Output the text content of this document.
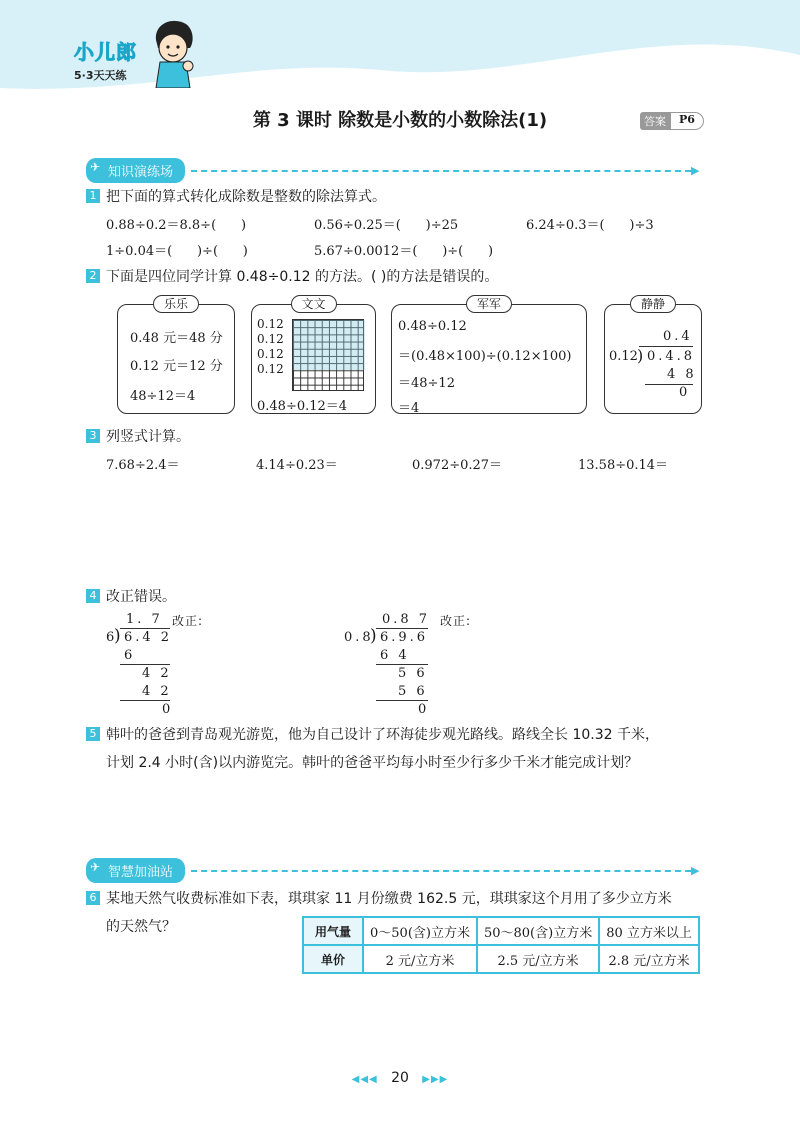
小儿郎
5·3天天练
第 3 课时 除数是小数的小数除法(1)	答案	P6
✈ 知识演练场	▶
1 把下面的算式转化成除数是整数的除法算式。
0.88÷0.2＝8.8÷(      )	0.56÷0.25＝(      )÷25	6.24÷0.3＝(      )÷3
1÷0.04＝(      )÷(      )	5.67÷0.0012＝(      )÷(      )
2 下面是四位同学计算 0.48÷0.12 的方法。( )的方法是错误的。
乐乐
0.48 元＝48 分
0.12 元＝12 分
48÷12＝4
文文
0.12
0.12
0.12
0.12
0.48÷0.12＝4
军军
0.48÷0.12
＝(0.48×100)÷(0.12×100)
＝48÷12
＝4
静静
0.4
0.12 ) 0.4.8
4 8
0
3 列竖式计算。
7.68÷2.4＝	4.14÷0.23＝	0.972÷0.27＝	13.58÷0.14＝
4 改正错误。
1. 7 改正:
6
) 6.4 2
6
4 2
4 2
0
0.8 7 改正:
0.8
) 6.9.6
6 4
5 6
5 6
0
5 韩叶的爸爸到青岛观光游览，他为自己设计了环海徒步观光路线。路线全长 10.32 千米，
计划 2.4 小时(含)以内游览完。韩叶的爸爸平均每小时至少行多少千米才能完成计划？
✈ 智慧加油站	▶
6 某地天然气收费标准如下表，琪琪家 11 月份缴费 162.5 元，琪琪家这个月用了多少立方米
的天然气？	用气量	0～50(含)立方米	50～80(含)立方米	80 立方米以上
单价	2 元/立方米	2.5 元/立方米	2.8 元/立方米
◀◀◀ 20 ▶▶▶
